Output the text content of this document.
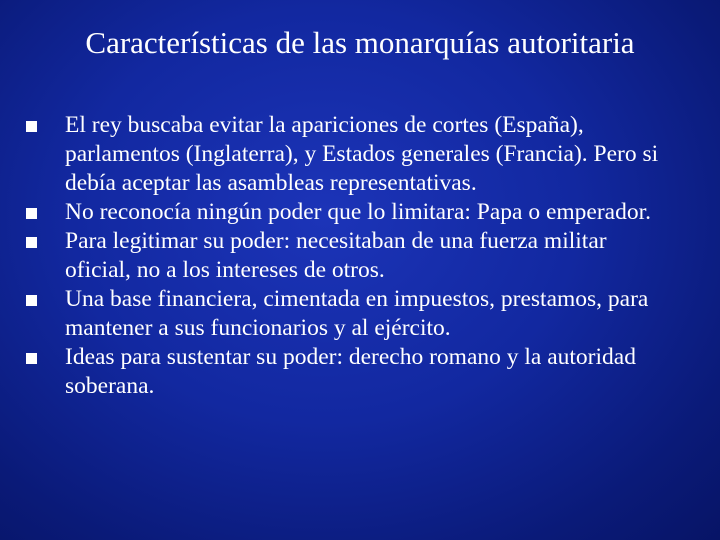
Características de las monarquías autoritaria
El rey buscaba evitar la apariciones de cortes (España), parlamentos (Inglaterra), y Estados generales (Francia). Pero si debía aceptar las asambleas representativas.
No reconocía ningún poder que lo limitara: Papa o emperador.
Para legitimar su poder: necesitaban de una fuerza militar oficial, no a los intereses de otros.
Una base financiera, cimentada en impuestos, prestamos, para mantener a sus funcionarios y al ejército.
Ideas para sustentar su poder: derecho romano y la autoridad soberana.
